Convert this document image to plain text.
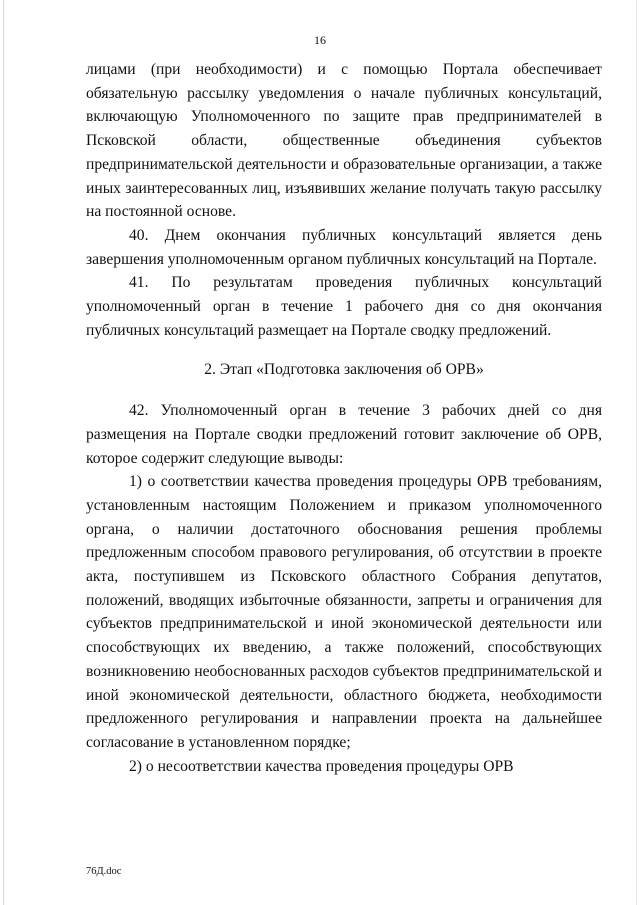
16

лицами (при необходимости) и с помощью Портала обеспечивает обязательную рассылку уведомления о начале публичных консультаций, включающую Уполномоченного по защите прав предпринимателей в Псковской области, общественные объединения субъектов предпринимательской деятельности и образовательные организации, а также иных заинтересованных лиц, изъявивших желание получать такую рассылку на постоянной основе.

40. Днем окончания публичных консультаций является день завершения уполномоченным органом публичных консультаций на Портале.

41. По результатам проведения публичных консультаций уполномоченный орган в течение 1 рабочего дня со дня окончания публичных консультаций размещает на Портале сводку предложений.

2. Этап «Подготовка заключения об ОРВ»

42. Уполномоченный орган в течение 3 рабочих дней со дня размещения на Портале сводки предложений готовит заключение об ОРВ, которое содержит следующие выводы:

1) о соответствии качества проведения процедуры ОРВ требованиям, установленным настоящим Положением и приказом уполномоченного органа, о наличии достаточного обоснования решения проблемы предложенным способом правового регулирования, об отсутствии в проекте акта, поступившем из Псковского областного Собрания депутатов, положений, вводящих избыточные обязанности, запреты и ограничения для субъектов предпринимательской и иной экономической деятельности или способствующих их введению, а также положений, способствующих возникновению необоснованных расходов субъектов предпринимательской и иной экономической деятельности, областного бюджета, необходимости предложенного регулирования и направлении проекта на дальнейшее согласование в установленном порядке;

2) о несоответствии качества проведения процедуры ОРВ

76Д.doc
